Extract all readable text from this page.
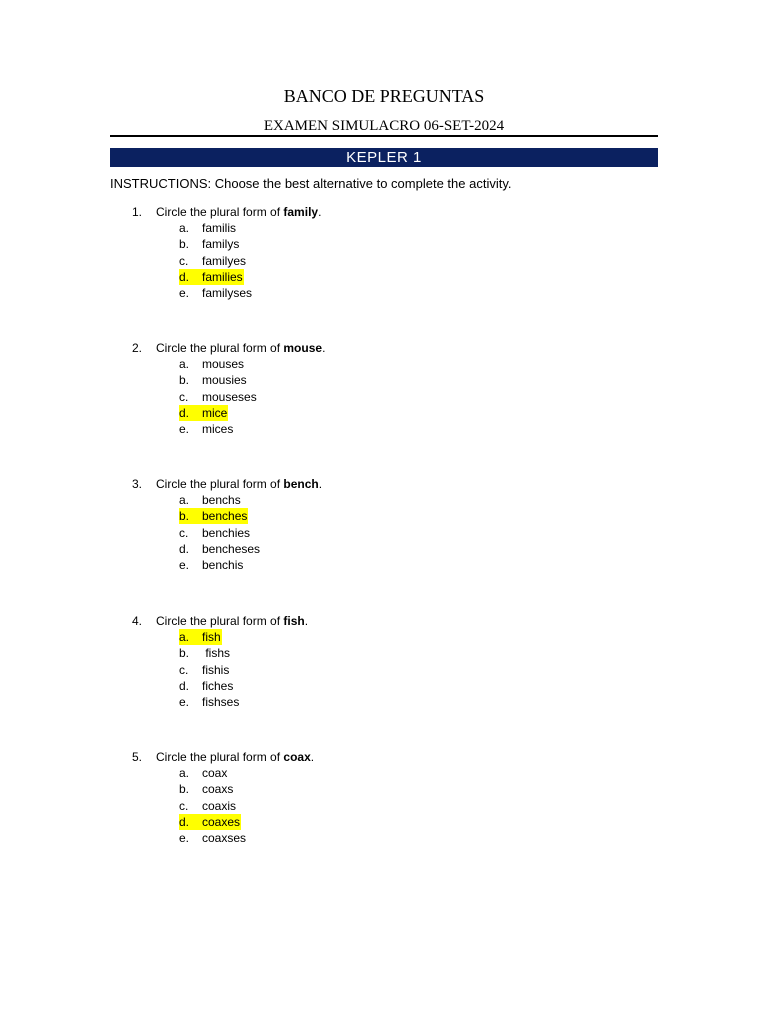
BANCO DE PREGUNTAS
EXAMEN SIMULACRO 06-SET-2024
KEPLER 1
INSTRUCTIONS: Choose the best alternative to complete the activity.
1. Circle the plural form of family.
a. familis
b. familys
c. familyes
d. families
e. familyses
2. Circle the plural form of mouse.
a. mouses
b. mousies
c. mouseses
d. mice
e. mices
3. Circle the plural form of bench.
a. benchs
b. benches
c. benchies
d. bencheses
e. benchis
4. Circle the plural form of fish.
a. fish
b. fishs
c. fishis
d. fiches
e. fishses
5. Circle the plural form of coax.
a. coax
b. coaxs
c. coaxis
d. coaxes
e. coaxses
